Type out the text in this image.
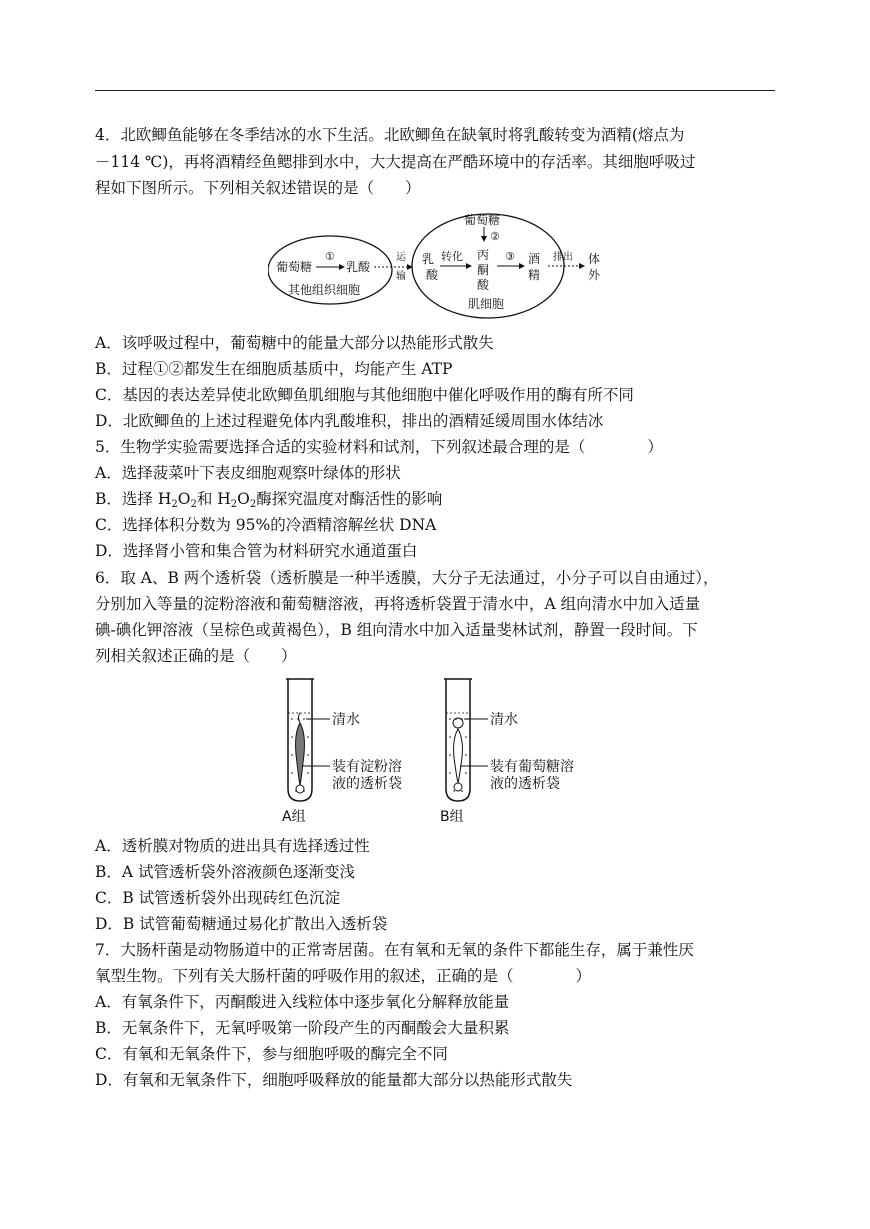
4．北欧鲫鱼能够在冬季结冰的水下生活。北欧鲫鱼在缺氧时将乳酸转变为酒精(熔点为
－114 ℃)，再将酒精经鱼鳃排到水中，大大提高在严酷环境中的存活率。其细胞呼吸过
程如下图所示。下列相关叙述错误的是（　　）
葡萄糖
①
乳酸
其他组织细胞
运
输
葡萄糖
②
乳
酸
转化 丙
酮
酸
③ 酒
精
排出 体
外
肌细胞
A．该呼吸过程中，葡萄糖中的能量大部分以热能形式散失
B．过程①②都发生在细胞质基质中，均能产生 ATP
C．基因的表达差异使北欧鲫鱼肌细胞与其他细胞中催化呼吸作用的酶有所不同
D．北欧鲫鱼的上述过程避免体内乳酸堆积，排出的酒精延缓周围水体结冰
5．生物学实验需要选择合适的实验材料和试剂，下列叙述最合理的是（　　　　）
A．选择菠菜叶下表皮细胞观察叶绿体的形状
B．选择 $H_2O_2$和 $H_2O_2$酶探究温度对酶活性的影响
C．选择体积分数为 95%的冷酒精溶解丝状 DNA
D．选择肾小管和集合管为材料研究水通道蛋白
6．取 A、B 两个透析袋（透析膜是一种半透膜，大分子无法通过，小分子可以自由通过），
分别加入等量的淀粉溶液和葡萄糖溶液，再将透析袋置于清水中，A 组向清水中加入适量
碘-碘化钾溶液（呈棕色或黄褐色），B 组向清水中加入适量斐林试剂，静置一段时间。下
列相关叙述正确的是（　　）
清水
装有淀粉溶
液的透析袋
A组
清水
装有葡萄糖溶
液的透析袋
B组
A．透析膜对物质的进出具有选择透过性
B．A 试管透析袋外溶液颜色逐渐变浅
C．B 试管透析袋外出现砖红色沉淀
D．B 试管葡萄糖通过易化扩散出入透析袋
7．大肠杆菌是动物肠道中的正常寄居菌。在有氧和无氧的条件下都能生存，属于兼性厌
氧型生物。下列有关大肠杆菌的呼吸作用的叙述，正确的是（　　　　）
A．有氧条件下，丙酮酸进入线粒体中逐步氧化分解释放能量
B．无氧条件下，无氧呼吸第一阶段产生的丙酮酸会大量积累
C．有氧和无氧条件下，参与细胞呼吸的酶完全不同
D．有氧和无氧条件下，细胞呼吸释放的能量都大部分以热能形式散失
